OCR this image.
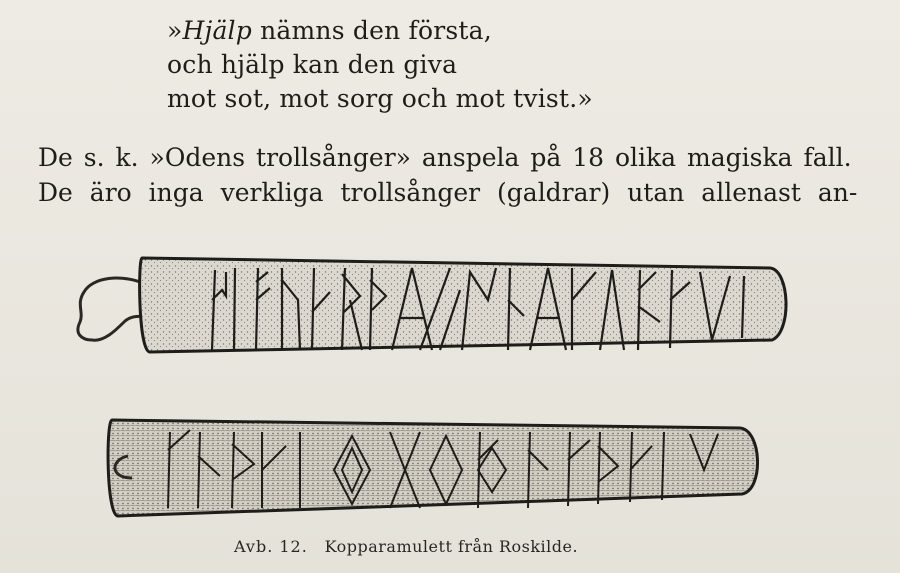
»Hjälp nämns den första,
och hjälp kan den giva
mot sot, mot sorg och mot tvist.»
De s. k. »Odens trollsånger» anspela på 18 olika magiska fall.
De äro inga verkliga trollsånger (galdrar) utan allenast an-
Avb. 12. Kopparamulett från Roskilde.
